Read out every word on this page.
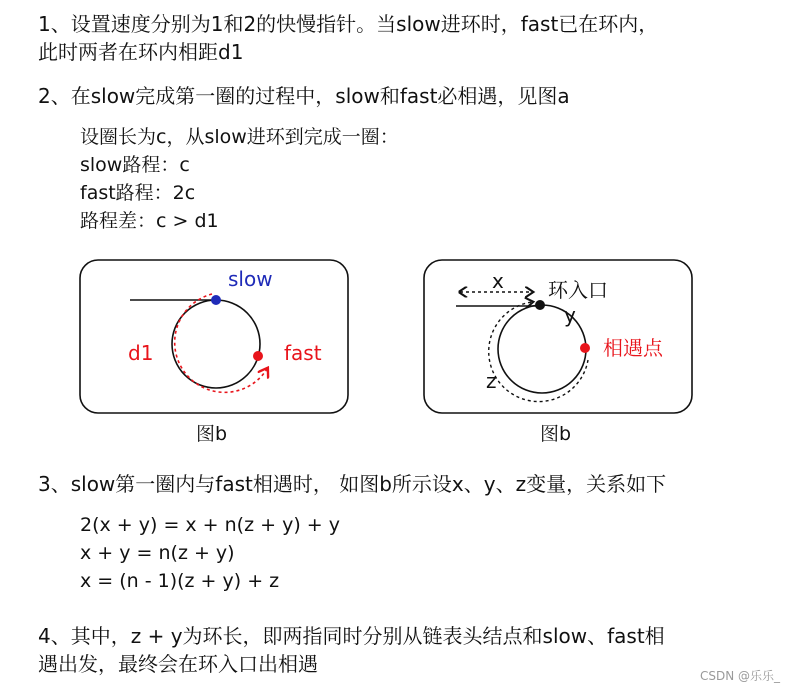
1、设置速度分别为1和2的快慢指针。当slow进环时，fast已在环内，

此时两者在环内相距d1

2、在slow完成第一圈的过程中，slow和fast必相遇，见图a

设圈长为c，从slow进环到完成一圈：

slow路程：c

fast路程：2c

路程差：c > d1

slow
fast
d1
x
y
z
环入口
相遇点
图b	图b

3、slow第一圈内与fast相遇时， 如图b所示设x、y、z变量，关系如下

2(x + y) = x + n(z + y) + y

x + y = n(z + y)

x = (n - 1)(z + y) + z

4、其中，z + y为环长，即两指同时分别从链表头结点和slow、fast相

遇出发，最终会在环入口出相遇	CSDN @乐乐_
